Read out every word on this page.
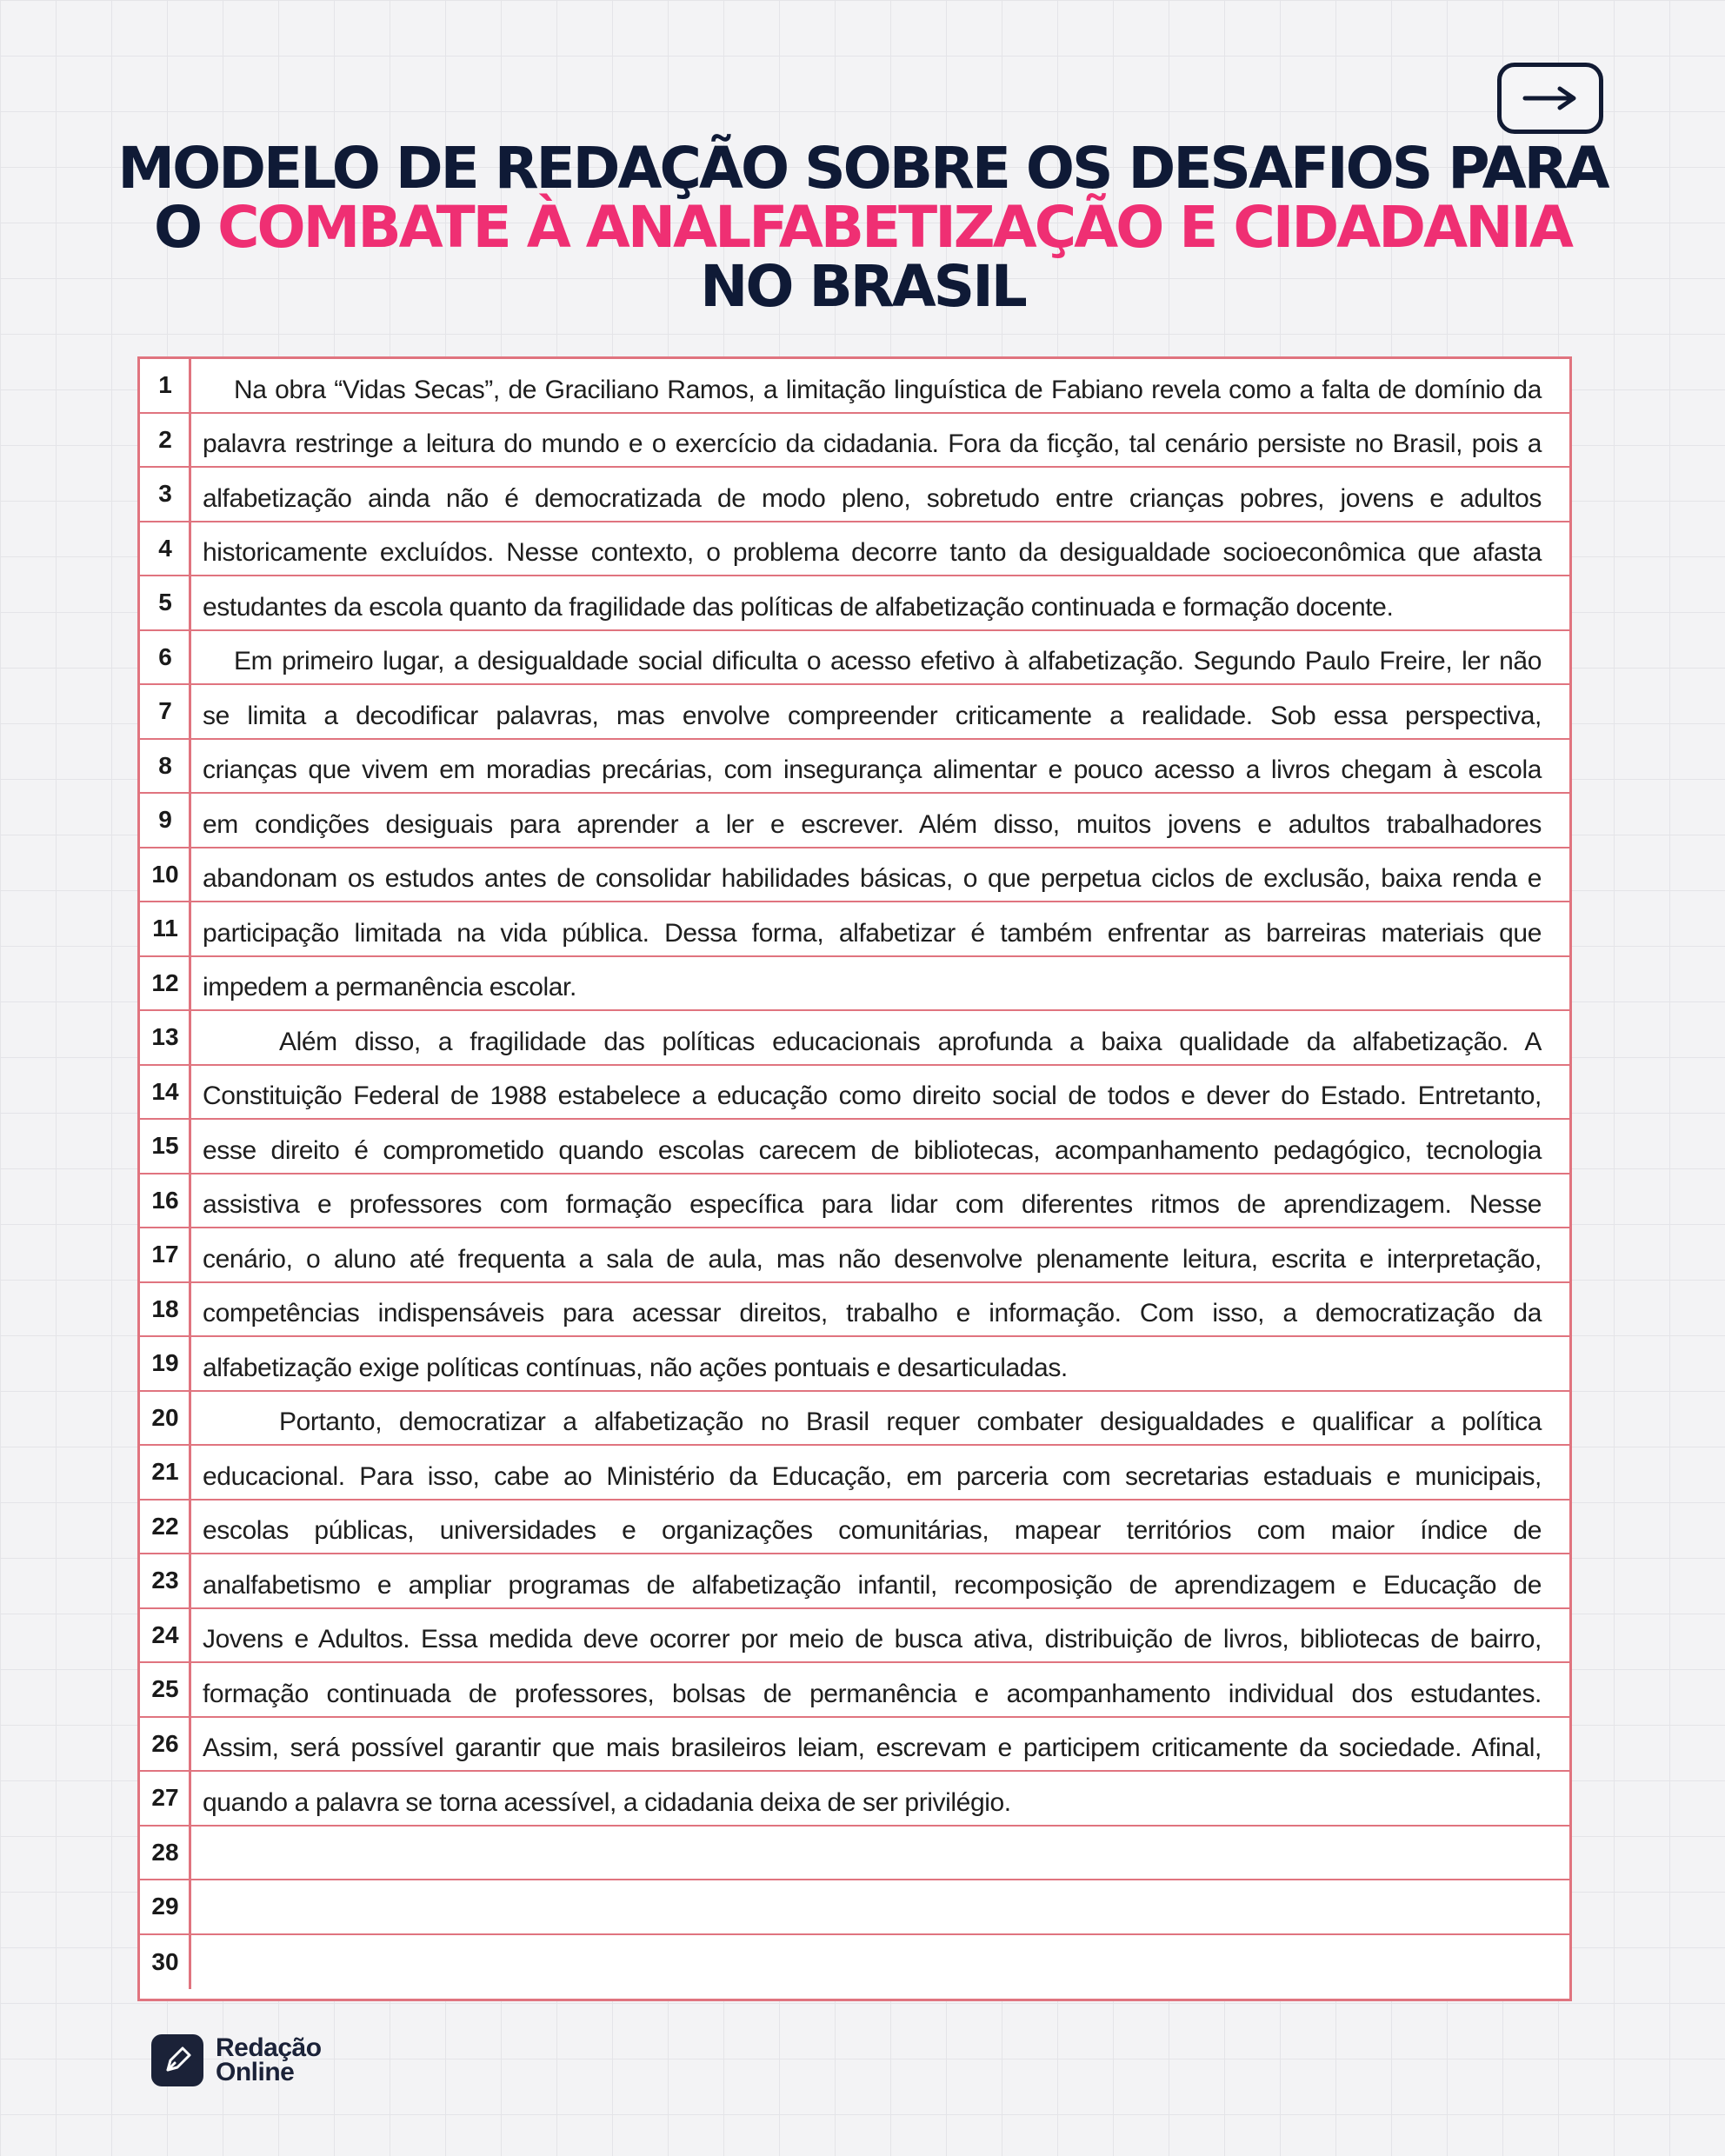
MODELO DE REDAÇÃO SOBRE OS DESAFIOS PARA
O COMBATE À ANALFABETIZAÇÃO E CIDADANIA
NO BRASIL
1	Na obra “Vidas Secas”, de Graciliano Ramos, a limitação linguística de Fabiano revela como a falta de domínio da
2	palavra restringe a leitura do mundo e o exercício da cidadania. Fora da ficção, tal cenário persiste no Brasil, pois a
3	alfabetização ainda não é democratizada de modo pleno, sobretudo entre crianças pobres, jovens e adultos
4	historicamente excluídos. Nesse contexto, o problema decorre tanto da desigualdade socioeconômica que afasta
5	estudantes da escola quanto da fragilidade das políticas de alfabetização continuada e formação docente.
6	Em primeiro lugar, a desigualdade social dificulta o acesso efetivo à alfabetização. Segundo Paulo Freire, ler não
7	se limita a decodificar palavras, mas envolve compreender criticamente a realidade. Sob essa perspectiva,
8	crianças que vivem em moradias precárias, com insegurança alimentar e pouco acesso a livros chegam à escola
9	em condições desiguais para aprender a ler e escrever. Além disso, muitos jovens e adultos trabalhadores
10 abandonam os estudos antes de consolidar habilidades básicas, o que perpetua ciclos de exclusão, baixa renda e
11 participação limitada na vida pública. Dessa forma, alfabetizar é também enfrentar as barreiras materiais que
12 impedem a permanência escolar.
13	Além disso, a fragilidade das políticas educacionais aprofunda a baixa qualidade da alfabetização. A
14 Constituição Federal de 1988 estabelece a educação como direito social de todos e dever do Estado. Entretanto,
15 esse direito é comprometido quando escolas carecem de bibliotecas, acompanhamento pedagógico, tecnologia
16 assistiva e professores com formação específica para lidar com diferentes ritmos de aprendizagem. Nesse
17 cenário, o aluno até frequenta a sala de aula, mas não desenvolve plenamente leitura, escrita e interpretação,
18 competências indispensáveis para acessar direitos, trabalho e informação. Com isso, a democratização da
19 alfabetização exige políticas contínuas, não ações pontuais e desarticuladas.
20	Portanto, democratizar a alfabetização no Brasil requer combater desigualdades e qualificar a política
21 educacional. Para isso, cabe ao Ministério da Educação, em parceria com secretarias estaduais e municipais,
22 escolas públicas, universidades e organizações comunitárias, mapear territórios com maior índice de
23 analfabetismo e ampliar programas de alfabetização infantil, recomposição de aprendizagem e Educação de
24 Jovens e Adultos. Essa medida deve ocorrer por meio de busca ativa, distribuição de livros, bibliotecas de bairro,
25 formação continuada de professores, bolsas de permanência e acompanhamento individual dos estudantes.
26 Assim, será possível garantir que mais brasileiros leiam, escrevam e participem criticamente da sociedade. Afinal,
27 quando a palavra se torna acessível, a cidadania deixa de ser privilégio.
28
29
30
Redação
Online
